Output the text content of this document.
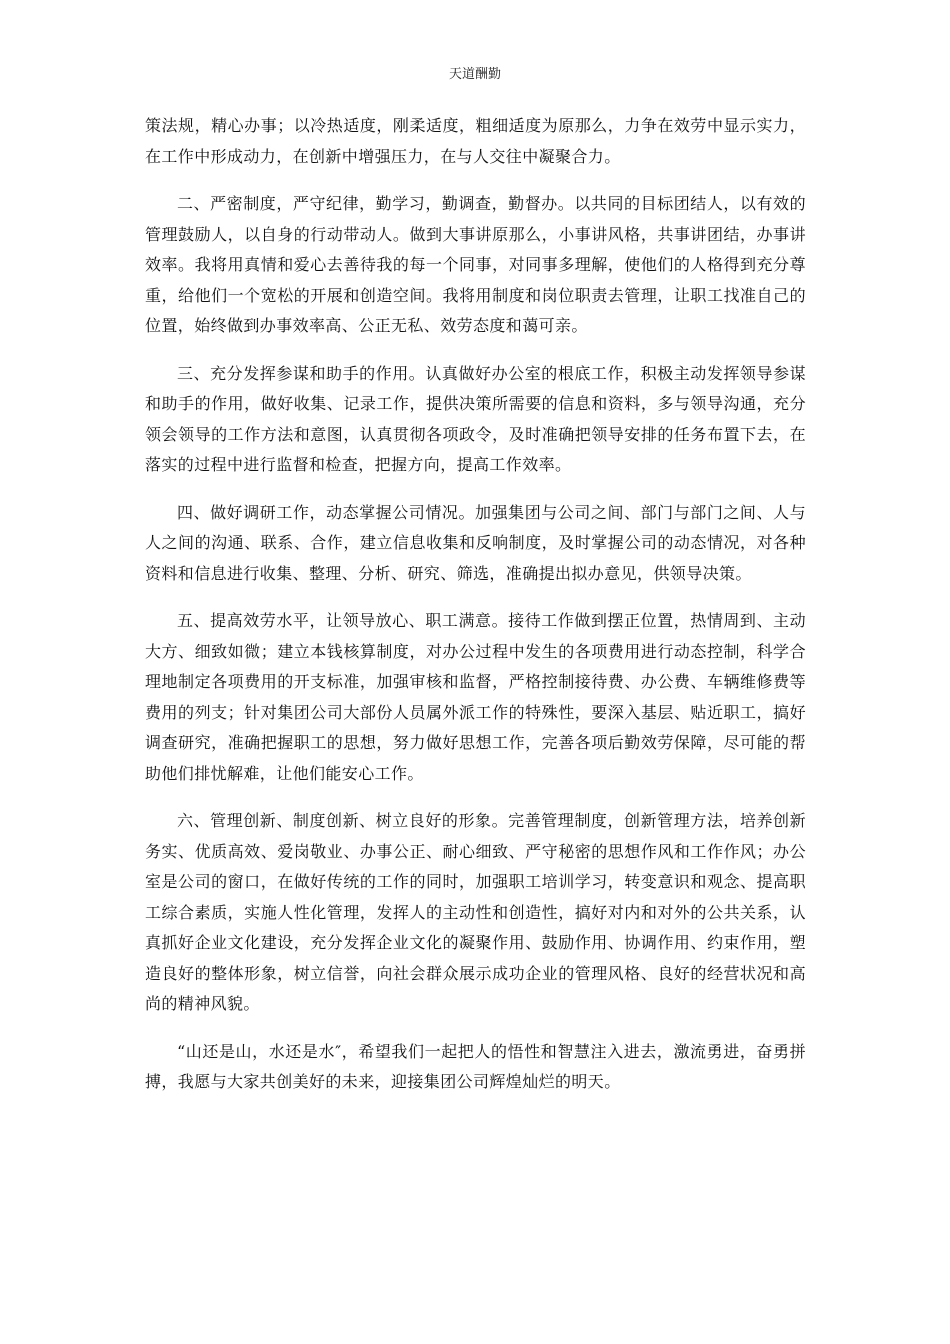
天道酬勤

策法规，精心办事；以冷热适度，刚柔适度，粗细适度为原那么，力争在效劳中显示实力，在工作中形成动力，在创新中增强压力，在与人交往中凝聚合力。

二、严密制度，严守纪律，勤学习，勤调查，勤督办。以共同的目标团结人，以有效的管理鼓励人，以自身的行动带动人。做到大事讲原那么，小事讲风格，共事讲团结，办事讲效率。我将用真情和爱心去善待我的每一个同事，对同事多理解，使他们的人格得到充分尊重，给他们一个宽松的开展和创造空间。我将用制度和岗位职责去管理，让职工找准自己的位置，始终做到办事效率高、公正无私、效劳态度和蔼可亲。

三、充分发挥参谋和助手的作用。认真做好办公室的根底工作，积极主动发挥领导参谋和助手的作用，做好收集、记录工作，提供决策所需要的信息和资料，多与领导沟通，充分领会领导的工作方法和意图，认真贯彻各项政令，及时准确把领导安排的任务布置下去，在落实的过程中进行监督和检查，把握方向，提高工作效率。

四、做好调研工作，动态掌握公司情况。加强集团与公司之间、部门与部门之间、人与人之间的沟通、联系、合作，建立信息收集和反响制度，及时掌握公司的动态情况，对各种资料和信息进行收集、整理、分析、研究、筛选，准确提出拟办意见，供领导决策。

五、提高效劳水平，让领导放心、职工满意。接待工作做到摆正位置，热情周到、主动大方、细致如微；建立本钱核算制度，对办公过程中发生的各项费用进行动态控制，科学合理地制定各项费用的开支标准，加强审核和监督，严格控制接待费、办公费、车辆维修费等费用的列支；针对集团公司大部份人员属外派工作的特殊性，要深入基层、贴近职工，搞好调查研究，准确把握职工的思想，努力做好思想工作，完善各项后勤效劳保障，尽可能的帮助他们排忧解难，让他们能安心工作。

六、管理创新、制度创新、树立良好的形象。完善管理制度，创新管理方法，培养创新务实、优质高效、爱岗敬业、办事公正、耐心细致、严守秘密的思想作风和工作作风；办公室是公司的窗口，在做好传统的工作的同时，加强职工培训学习，转变意识和观念、提高职工综合素质，实施人性化管理，发挥人的主动性和创造性，搞好对内和对外的公共关系，认真抓好企业文化建设，充分发挥企业文化的凝聚作用、鼓励作用、协调作用、约束作用，塑造良好的整体形象，树立信誉，向社会群众展示成功企业的管理风格、良好的经营状况和高尚的精神风貌。

“山还是山，水还是水″，希望我们一起把人的悟性和智慧注入进去，激流勇进，奋勇拼搏，我愿与大家共创美好的未来，迎接集团公司辉煌灿烂的明天。
